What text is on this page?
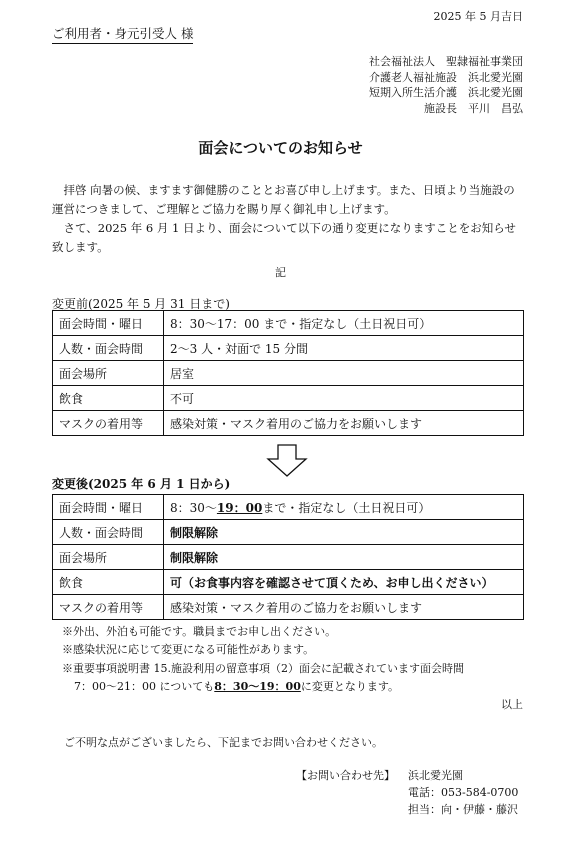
2025 年 5 月吉日
ご利用者・身元引受人 様
社会福祉法人　聖隷福祉事業団
介護老人福祉施設　浜北愛光園
短期入所生活介護　浜北愛光園
施設長　平川　昌弘
面会についてのお知らせ

拝啓 向暑の候、ますます御健勝のこととお喜び申し上げます。また、日頃より当施設の運営につきまして、ご理解とご協力を賜り厚く御礼申し上げます。

さて、2025 年 6 月 1 日より、面会について以下の通り変更になりますことをお知らせ致します。

記
変更前(2025 年 5 月 31 日まで)
面会時間・曜日	8：30〜17：00 まで・指定なし（土日祝日可）
人数・面会時間	2〜3 人・対面で 15 分間
面会場所	居室
飲食	不可
マスクの着用等	感染対策・マスク着用のご協力をお願いします
変更後(2025 年 6 月 1 日から)
面会時間・曜日	8：30〜19：00まで・指定なし（土日祝日可）
人数・面会時間	制限解除
面会場所	制限解除
飲食	可（お食事内容を確認させて頂くため、お申し出ください）
マスクの着用等	感染対策・マスク着用のご協力をお願いします
※外出、外泊も可能です。職員までお申し出ください。
※感染状況に応じて変更になる可能性があります。
※重要事項説明書 15.施設利用の留意事項（2）面会に記載されています面会時間
7：00〜21：00 についても8：30〜19：00に変更となります。
以上
ご不明な点がございましたら、下記までお問い合わせください。
【お問い合わせ先】 浜北愛光園
電話：053-584-0700
担当：向・伊藤・藤沢
